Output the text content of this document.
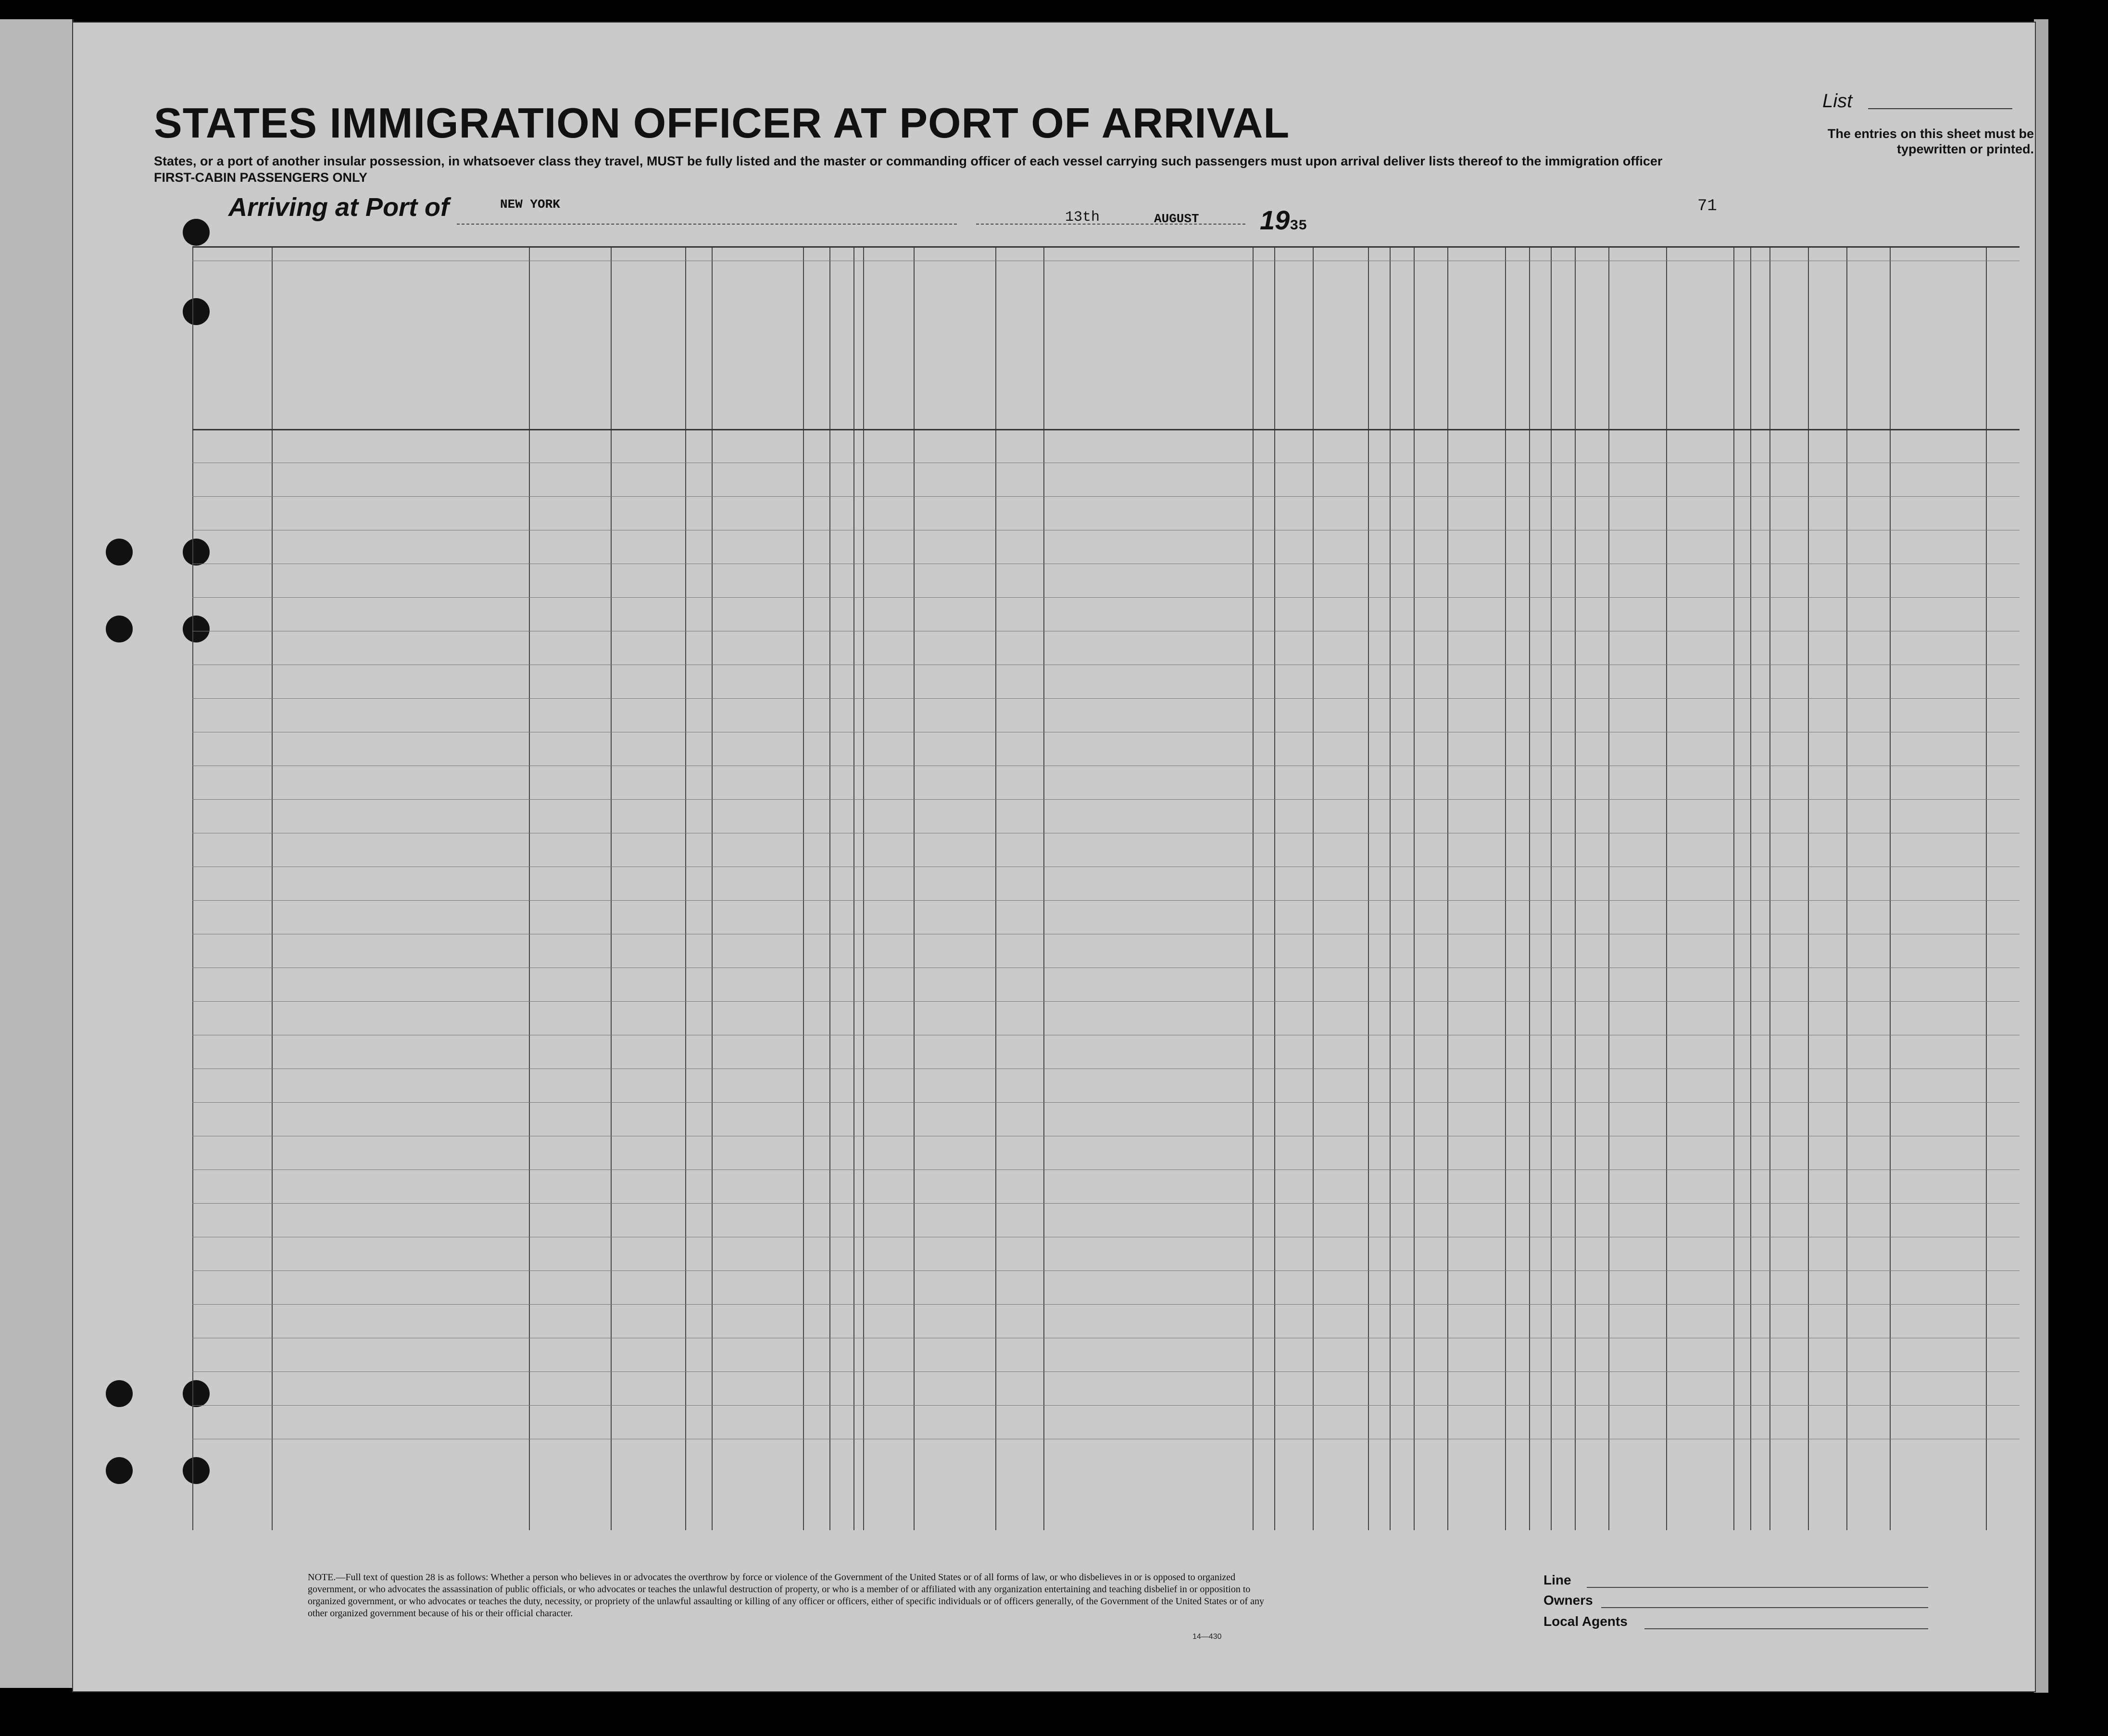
STATES IMMIGRATION OFFICER AT PORT OF ARRIVAL
States, or a port of another insular possession, in whatsoever class they travel, MUST be fully listed and the master or commanding officer of each vessel carrying such passengers must upon arrival deliver lists thereof to the immigration officer
FIRST-CABIN PASSENGERS ONLY
List
The entries on this sheet must be typewritten or printed.
Arriving at Port of	NEW YORK
13th	AUGUST 1935
71
NOTE.—Full text of question 28 is as follows: Whether a person who believes in or advocates the overthrow by force or violence of the Government of the United States or of all forms of law, or who disbelieves in or is opposed to organized government, or who advocates the assassination of public officials, or who advocates or teaches the unlawful destruction of property, or who is a member of or affiliated with any organization entertaining and teaching disbelief in or opposition to organized government, or who advocates or teaches the duty, necessity, or propriety of the unlawful assaulting or killing of any officer or officers, either of specific individuals or of officers generally, of the Government of the United States or of any other organized government because of his or their official character.
14—430
Line
Owners
Local Agents
